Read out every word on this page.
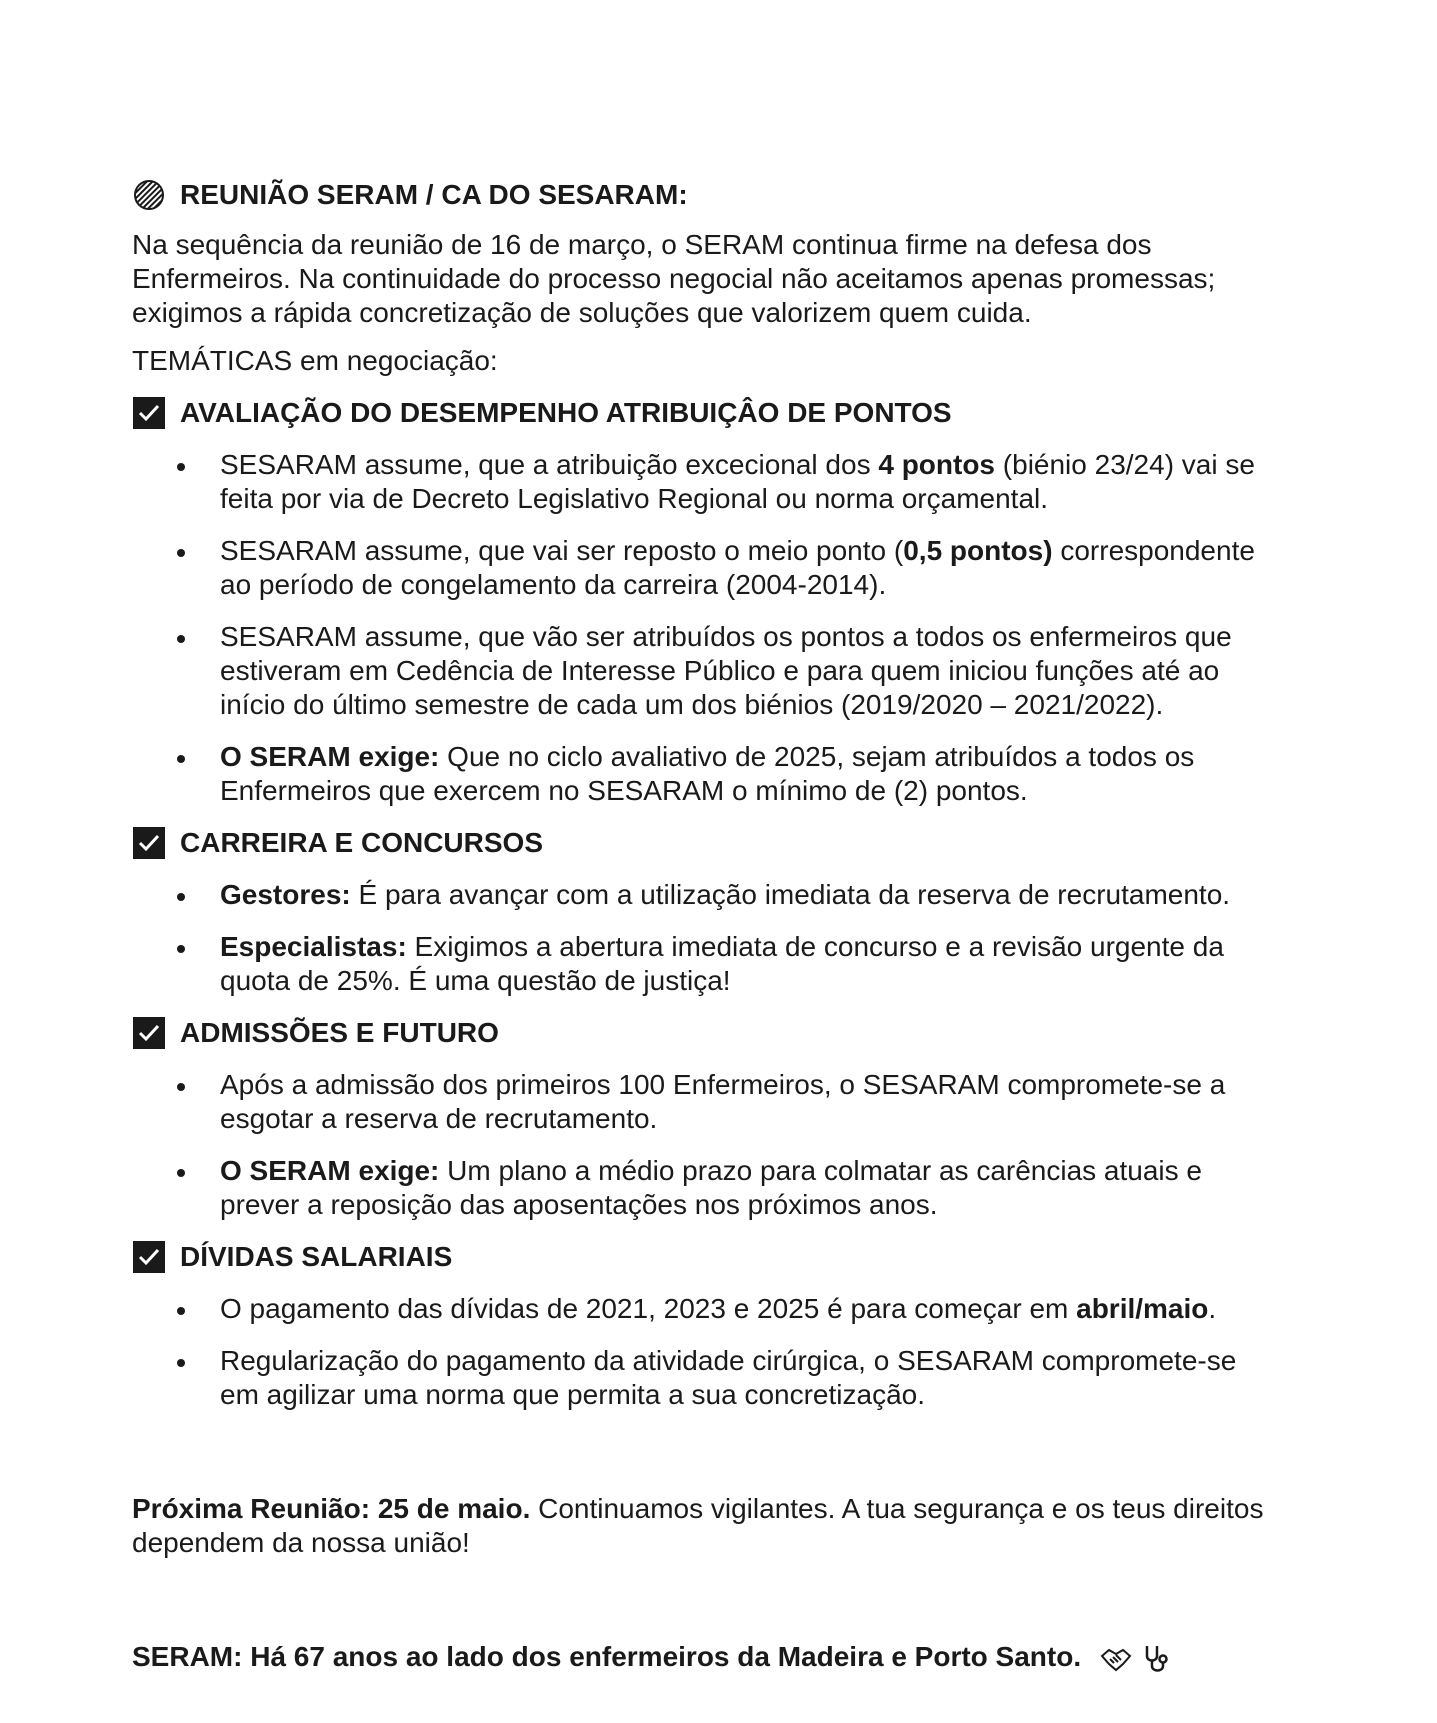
REUNIÃO SERAM / CA DO SESARAM:
Na sequência da reunião de 16 de março, o SERAM continua firme na defesa dos
Enfermeiros. Na continuidade do processo negocial não aceitamos apenas promessas;
exigimos a rápida concretização de soluções que valorizem quem cuida.
TEMÁTICAS em negociação:
AVALIAÇÃO DO DESEMPENHO ATRIBUIÇÂO DE PONTOS
SESARAM assume, que a atribuição excecional dos 4 pontos (biénio 23/24) vai se
feita por via de Decreto Legislativo Regional ou norma orçamental.
SESARAM assume, que vai ser reposto o meio ponto (0,5 pontos) correspondente
ao período de congelamento da carreira (2004-2014).
SESARAM assume, que vão ser atribuídos os pontos a todos os enfermeiros que
estiveram em Cedência de Interesse Público e para quem iniciou funções até ao
início do último semestre de cada um dos biénios (2019/2020 – 2021/2022).
O SERAM exige: Que no ciclo avaliativo de 2025, sejam atribuídos a todos os
Enfermeiros que exercem no SESARAM o mínimo de (2) pontos.
CARREIRA E CONCURSOS
Gestores: É para avançar com a utilização imediata da reserva de recrutamento.
Especialistas: Exigimos a abertura imediata de concurso e a revisão urgente da
quota de 25%. É uma questão de justiça!
ADMISSÕES E FUTURO
Após a admissão dos primeiros 100 Enfermeiros, o SESARAM compromete-se a
esgotar a reserva de recrutamento.
O SERAM exige: Um plano a médio prazo para colmatar as carências atuais e
prever a reposição das aposentações nos próximos anos.
DÍVIDAS SALARIAIS
O pagamento das dívidas de 2021, 2023 e 2025 é para começar em abril/maio.
Regularização do pagamento da atividade cirúrgica, o SESARAM compromete-se
em agilizar uma norma que permita a sua concretização.
Próxima Reunião: 25 de maio. Continuamos vigilantes. A tua segurança e os teus direitos
dependem da nossa união!
SERAM: Há 67 anos ao lado dos enfermeiros da Madeira e Porto Santo.
